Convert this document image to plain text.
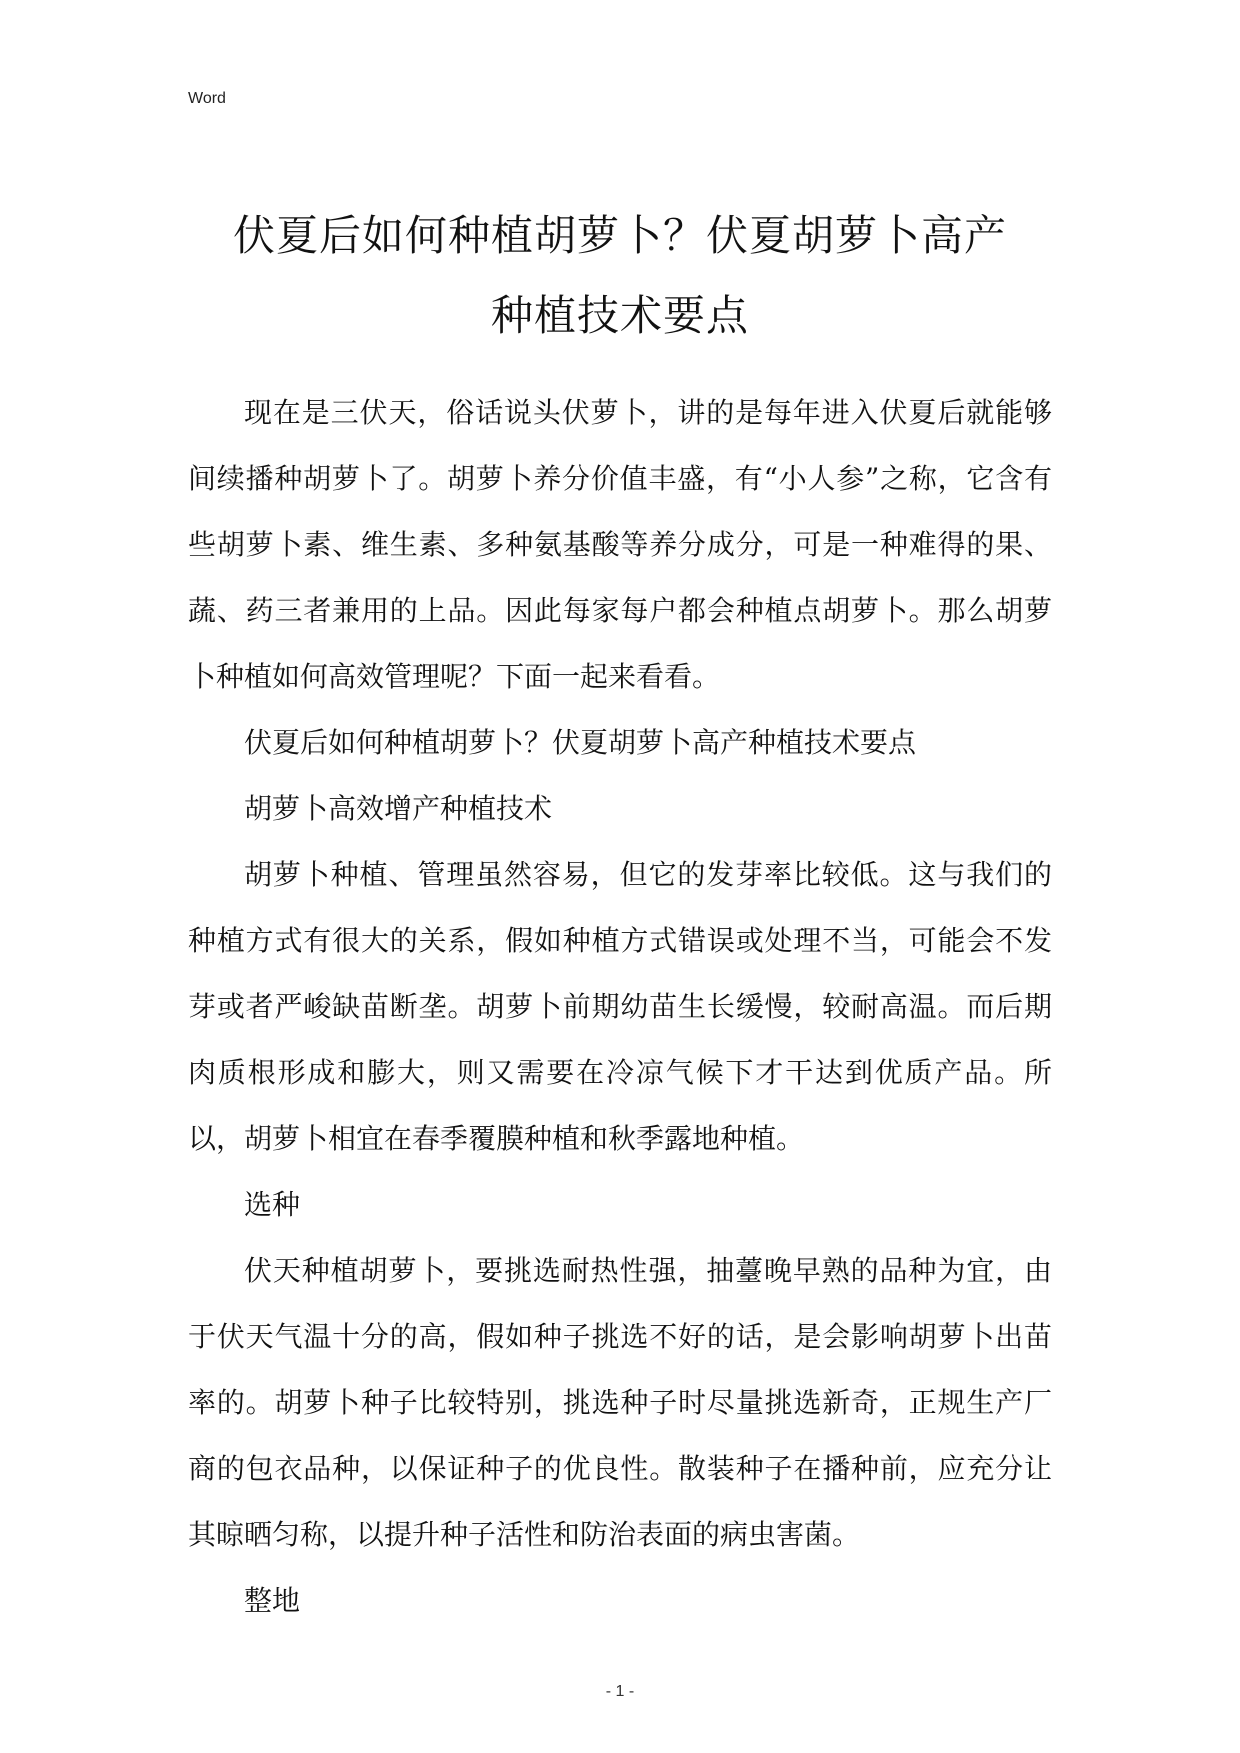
Word
伏夏后如何种植胡萝卜？伏夏胡萝卜高产
种植技术要点

现在是三伏天，俗话说头伏萝卜，讲的是每年进入伏夏后就能够间续播种胡萝卜了。胡萝卜养分价值丰盛，有“小人参”之称，它含有些胡萝卜素、维生素、多种氨基酸等养分成分，可是一种难得的果、蔬、药三者兼用的上品。因此每家每户都会种植点胡萝卜。那么胡萝卜种植如何高效管理呢？下面一起来看看。

伏夏后如何种植胡萝卜？伏夏胡萝卜高产种植技术要点

胡萝卜高效增产种植技术

胡萝卜种植、管理虽然容易，但它的发芽率比较低。这与我们的种植方式有很大的关系，假如种植方式错误或处理不当，可能会不发芽或者严峻缺苗断垄。胡萝卜前期幼苗生长缓慢，较耐高温。而后期肉质根形成和膨大，则又需要在冷凉气候下才干达到优质产品。所以，胡萝卜相宜在春季覆膜种植和秋季露地种植。

选种

伏天种植胡萝卜，要挑选耐热性强，抽薹晚早熟的品种为宜，由于伏天气温十分的高，假如种子挑选不好的话，是会影响胡萝卜出苗率的。胡萝卜种子比较特别，挑选种子时尽量挑选新奇，正规生产厂商的包衣品种，以保证种子的优良性。散装种子在播种前，应充分让其晾晒匀称，以提升种子活性和防治表面的病虫害菌。

整地

- 1 -
